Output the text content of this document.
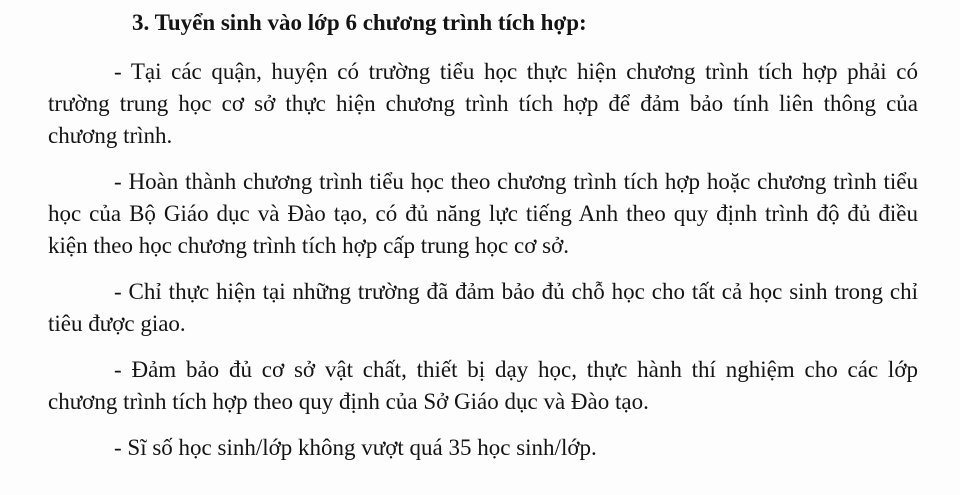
3. Tuyển sinh vào lớp 6 chương trình tích hợp:

- Tại các quận, huyện có trường tiểu học thực hiện chương trình tích hợp phải có trường trung học cơ sở thực hiện chương trình tích hợp để đảm bảo tính liên thông của chương trình.

- Hoàn thành chương trình tiểu học theo chương trình tích hợp hoặc chương trình tiểu học của Bộ Giáo dục và Đào tạo, có đủ năng lực tiếng Anh theo quy định trình độ đủ điều kiện theo học chương trình tích hợp cấp trung học cơ sở.

- Chỉ thực hiện tại những trường đã đảm bảo đủ chỗ học cho tất cả học sinh trong chỉ tiêu được giao.

- Đảm bảo đủ cơ sở vật chất, thiết bị dạy học, thực hành thí nghiệm cho các lớp chương trình tích hợp theo quy định của Sở Giáo dục và Đào tạo.

- Sĩ số học sinh/lớp không vượt quá 35 học sinh/lớp.
